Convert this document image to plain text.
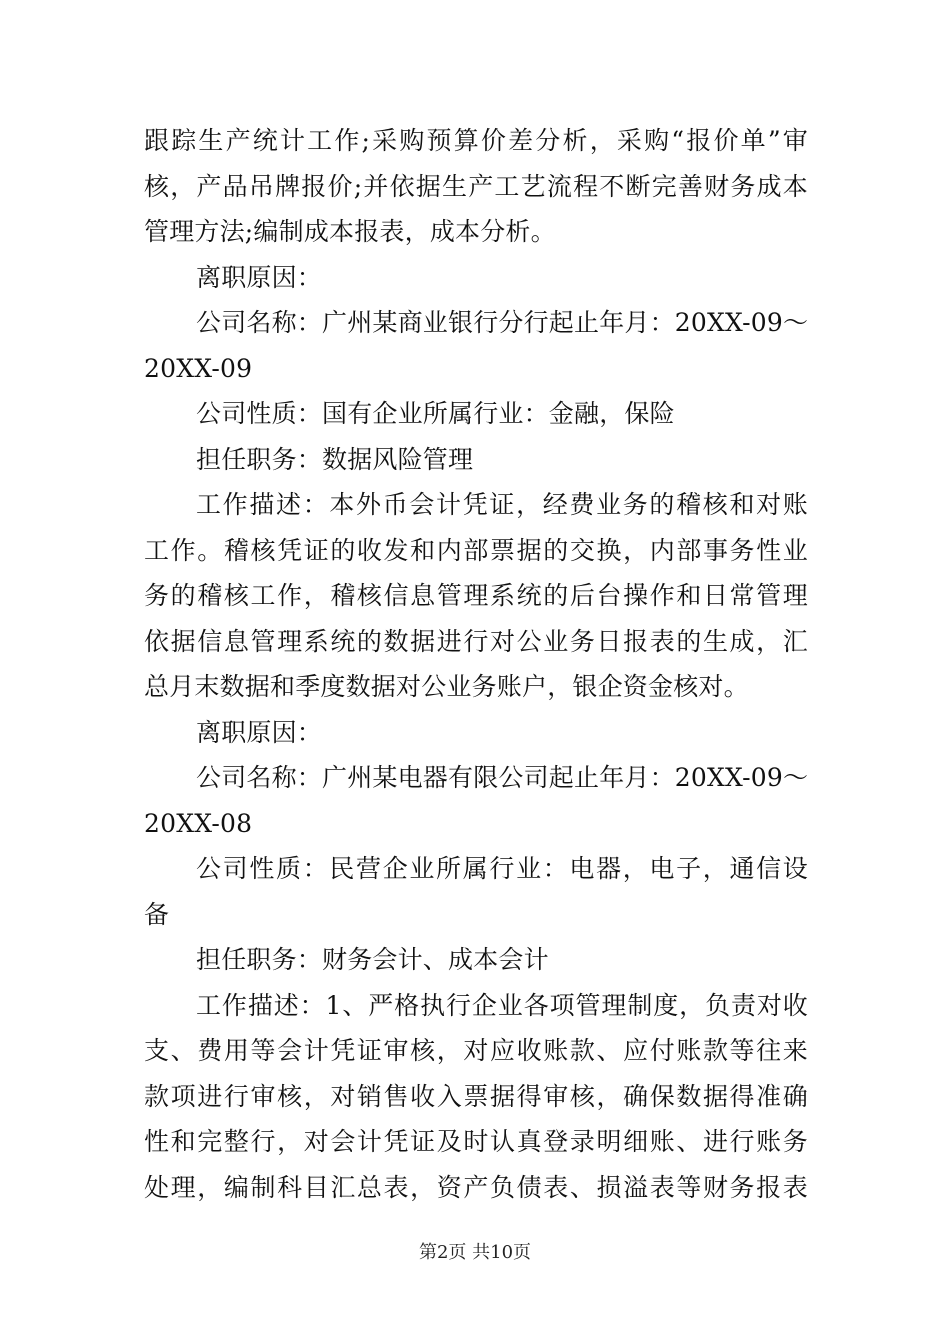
跟踪生产统计工作;采购预算价差分析，采购“报价单”审
核，产品吊牌报价;并依据生产工艺流程不断完善财务成本
管理方法;编制成本报表，成本分析。
离职原因：
公司名称：广州某商业银行分行起止年月：20XX-09～
20XX-09
公司性质：国有企业所属行业：金融，保险
担任职务：数据风险管理
工作描述：本外币会计凭证，经费业务的稽核和对账
工作。稽核凭证的收发和内部票据的交换，内部事务性业
务的稽核工作，稽核信息管理系统的后台操作和日常管理
依据信息管理系统的数据进行对公业务日报表的生成，汇
总月末数据和季度数据对公业务账户，银企资金核对。
离职原因：
公司名称：广州某电器有限公司起止年月：20XX-09～
20XX-08
公司性质：民营企业所属行业：电器，电子，通信设
备
担任职务：财务会计、成本会计
工作描述：1、严格执行企业各项管理制度，负责对收
支、费用等会计凭证审核，对应收账款、应付账款等往来
款项进行审核，对销售收入票据得审核，确保数据得准确
性和完整行，对会计凭证及时认真登录明细账、进行账务
处理，编制科目汇总表，资产负债表、损溢表等财务报表
第2页 共10页
